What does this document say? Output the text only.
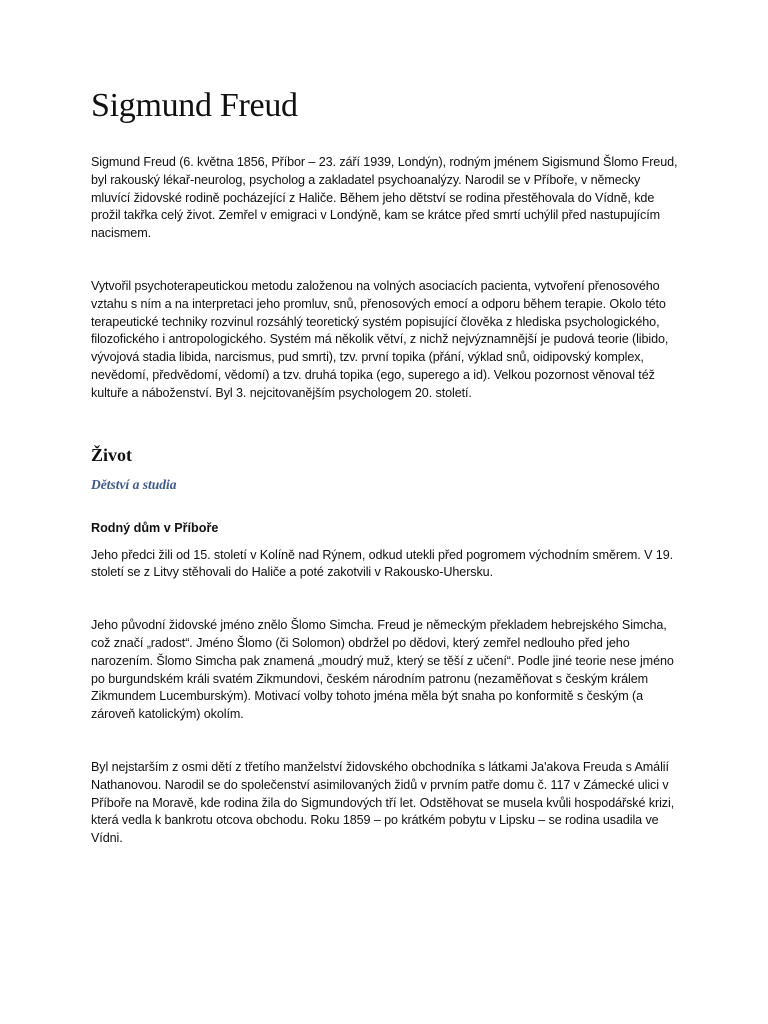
Sigmund Freud

Sigmund Freud (6. května 1856, Příbor – 23. září 1939, Londýn), rodným jménem Sigismund Šlomo Freud, byl rakouský lékař-neurolog, psycholog a zakladatel psychoanalýzy. Narodil se v Příboře, v německy mluvící židovské rodině pocházející z Haliče. Během jeho dětství se rodina přestěhovala do Vídně, kde prožil takřka celý život. Zemřel v emigraci v Londýně, kam se krátce před smrtí uchýlil před nastupujícím nacismem.

Vytvořil psychoterapeutickou metodu založenou na volných asociacích pacienta, vytvoření přenosového vztahu s ním a na interpretaci jeho promluv, snů, přenosových emocí a odporu během terapie. Okolo této terapeutické techniky rozvinul rozsáhlý teoretický systém popisující člověka z hlediska psychologického, filozofického i antropologického. Systém má několik větví, z nichž nejvýznamnější je pudová teorie (libido, vývojová stadia libida, narcismus, pud smrti), tzv. první topika (přání, výklad snů, oidipovský komplex, nevědomí, předvědomí, vědomí) a tzv. druhá topika (ego, superego a id). Velkou pozornost věnoval též kultuře a náboženství. Byl 3. nejcitovanějším psychologem 20. století.

Život
Dětství a studia
Rodný dům v Příboře

Jeho předci žili od 15. století v Kolíně nad Rýnem, odkud utekli před pogromem východním směrem. V 19. století se z Litvy stěhovali do Haliče a poté zakotvili v Rakousko-Uhersku.

Jeho původní židovské jméno znělo Šlomo Simcha. Freud je německým překladem hebrejského Simcha, což značí „radost“. Jméno Šlomo (či Solomon) obdržel po dědovi, který zemřel nedlouho před jeho narozením. Šlomo Simcha pak znamená „moudrý muž, který se těší z učení“. Podle jiné teorie nese jméno po burgundském králi svatém Zikmundovi, českém národním patronu (nezaměňovat s českým králem Zikmundem Lucemburským). Motivací volby tohoto jména měla být snaha po konformitě s českým (a zároveň katolickým) okolím.

Byl nejstarším z osmi dětí z třetího manželství židovského obchodníka s látkami Ja'akova Freuda s Amálií Nathanovou. Narodil se do společenství asimilovaných židů v prvním patře domu č. 117 v Zámecké ulici v Příboře na Moravě, kde rodina žila do Sigmundových tří let. Odstěhovat se musela kvůli hospodářské krizi, která vedla k bankrotu otcova obchodu. Roku 1859 – po krátkém pobytu v Lipsku – se rodina usadila ve Vídni.
